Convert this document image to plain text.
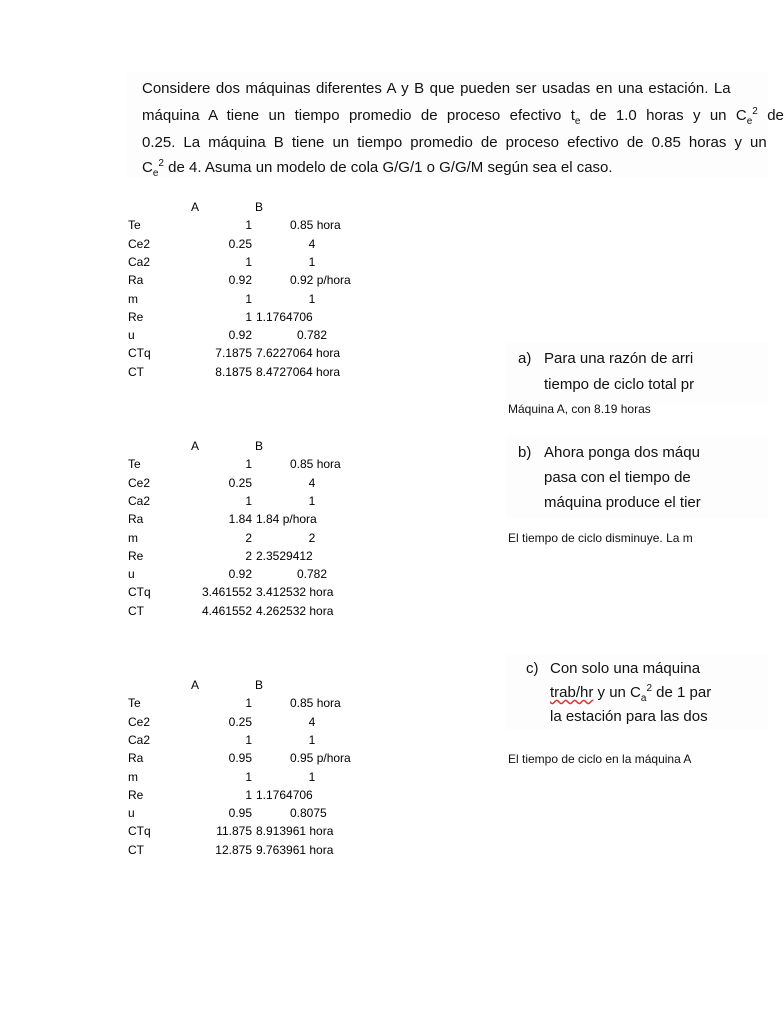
Considere dos máquinas diferentes A y B que pueden ser usadas en una estación. La
máquina A tiene un tiempo promedio de proceso efectivo $t_e$ de 1.0 horas y un $C_e^2$ de
0.25. La máquina B tiene un tiempo promedio de proceso efectivo de 0.85 horas y un
$C_e^2$ de 4. Asuma un modelo de cola G/G/1 o G/G/M según sea el caso.
A	B
Te	1	0.85 hora
Ce2	0.25	4
Ca2	1	1
Ra	0.92	0.92 p/hora
m	1	1
Re	1 1.1764706
u	0.92	0.782
CTq	7.1875 7.6227064 hora
CT	8.1875 8.4727064 hora
A	B
Te	1	0.85 hora
Ce2	0.25	4
Ca2	1	1
Ra	1.84 1.84 p/hora
m	2	2
Re	2 2.3529412
u	0.92	0.782
CTq	3.461552 3.412532 hora
CT	4.461552 4.262532 hora
A	B
Te	1	0.85 hora
Ce2	0.25	4
Ca2	1	1
Ra	0.95	0.95 p/hora
m	1	1
Re	1 1.1764706
u	0.95	0.8075
CTq	11.875 8.913961 hora
CT	12.875 9.763961 hora
a) Para una razón de arri
tiempo de ciclo total pr
Máquina A, con 8.19 horas
b) Ahora ponga dos máqu
pasa con el tiempo de
máquina produce el tier
El tiempo de ciclo disminuye. La m
c) Con solo una máquina
trab/hr y un $C_a^2$ de 1 par
la estación para las dos
El tiempo de ciclo en la máquina A
